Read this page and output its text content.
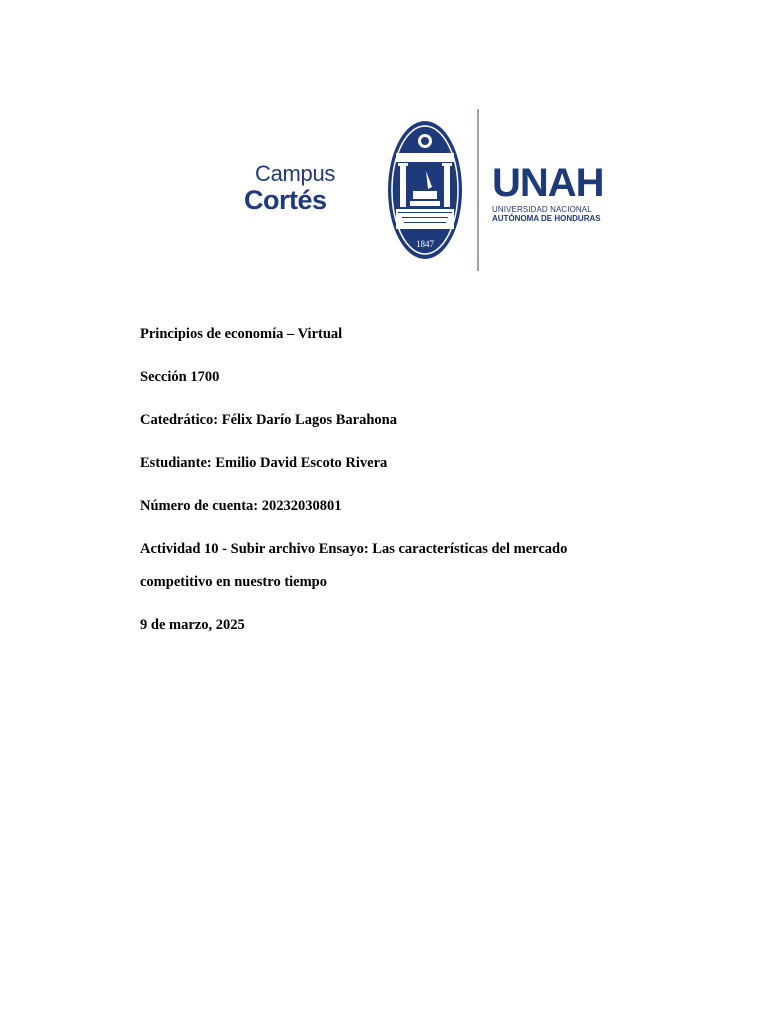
Campus
Cortés
1847
UNAH
UNIVERSIDAD NACIONAL
AUTÓNOMA DE HONDURAS

Principios de economía – Virtual

Sección 1700

Catedrático: Félix Darío Lagos Barahona

Estudiante: Emilio David Escoto Rivera

Número de cuenta: 20232030801

Actividad 10 - Subir archivo Ensayo: Las características del mercado

competitivo en nuestro tiempo

9 de marzo, 2025
